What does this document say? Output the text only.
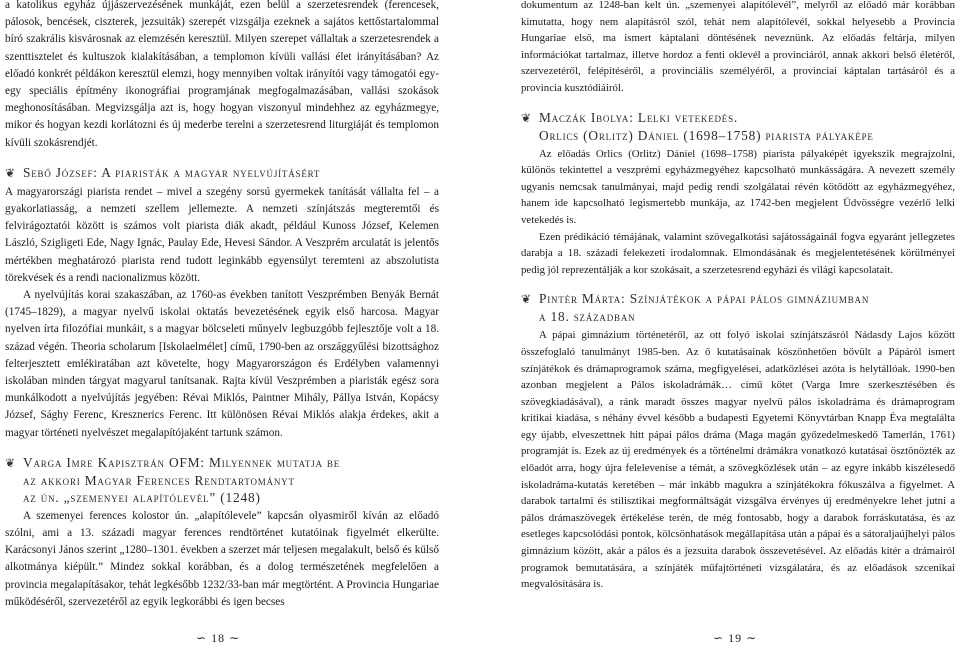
a katolikus egyház újjászervezésének munkáját, ezen belül a szerzetesrendek (ferencesek, pálosok, bencések, ciszterek, jezsuiták) szerepét vizsgálja ezeknek a sajátos kettőstartalommal bíró szakrális kisvárosnak az elemzésén keresztül. Milyen szerepet vállaltak a szerzetesrendek a szenttisztelet és kultuszok kialakításában, a templomon kívüli vallási élet irányításában? Az előadó konkrét példákon keresztül elemzi, hogy mennyiben voltak irányítói vagy támogatói egy-egy speciális építmény ikonográfiai programjának megfogalmazásában, vallási szokások meghonosításában. Megvizsgálja azt is, hogy hogyan viszonyul mindehhez az egyházmegye, mikor és hogyan kezdi korlátozni és új mederbe terelni a szerzetesrend liturgiáját és templomon kívüli szokásrendjét.

❦ Sebő József: A piaristák a magyar nyelvújításért

A magyarországi piarista rendet – mivel a szegény sorsú gyermekek tanítását vállalta fel – a gyakorlatiasság, a nemzeti szellem jellemezte. A nemzeti színjátszás megteremtői és felvirágoztatói között is számos volt piarista diák akadt, például Kunoss József, Kelemen László, Szigligeti Ede, Nagy Ignác, Paulay Ede, Hevesi Sándor. A Veszprém arculatát is jelentős mértékben meghatározó piarista rend tudott leginkább egyensúlyt teremteni az abszolutista törekvések és a rendi nacionalizmus között.

A nyelvújítás korai szakaszában, az 1760-as években tanított Veszprémben Benyák Bernát (1745–1829), a magyar nyelvű iskolai oktatás bevezetésének egyik első harcosa. Magyar nyelven írta filozófiai munkáit, s a magyar bölcseleti műnyelv legbuzgóbb fejlesztője volt a 18. század végén. Theoria scholarum [Iskolaelmélet] című, 1790-ben az országgyűlési bizottsághoz felterjesztett emlékiratában azt követelte, hogy Magyarországon és Erdélyben valamennyi iskolában minden tárgyat magyarul tanítsanak. Rajta kívül Veszprémben a piaristák egész sora munkálkodott a nyelvújítás jegyében: Révai Miklós, Paintner Mihály, Pállya István, Kopácsy József, Sághy Ferenc, Kresznerics Ferenc. Itt különösen Révai Miklós alakja érdekes, akit a magyar történeti nyelvészet megalapítójaként tartunk számon.

❦ Varga Imre Kapisztrán OFM: Milyennek mutatja be
az akkori Magyar Ferences Rendtartományt
az ún. „szemenyei alapítólevél” (1248)

A szemenyei ferences kolostor ún. „alapítólevele” kapcsán olyasmiről kíván az előadó szólni, ami a 13. századi magyar ferences rendtörténet kutatóinak figyelmét elkerülte. Karácsonyi János szerint „1280–1301. években a szerzet már teljesen megalakult, belső és külső alkotmánya kiépült.” Mindez sokkal korábban, és a dolog természetének megfelelően a provincia megalapításakor, tehát legkésőbb 1232/33-ban már megtörtént. A Provincia Hungariae működéséről, szervezetéről az egyik legkorábbi és igen becses

dokumentum az 1248-ban kelt ún. „szemenyei alapítólevél”, melyről az előadó már korábban kimutatta, hogy nem alapításról szól, tehát nem alapítólevél, sokkal helyesebb a Provincia Hungariae első, ma ismert káptalani döntésének neveznünk. Az előadás feltárja, milyen információkat tartalmaz, illetve hordoz a fenti oklevél a provinciáról, annak akkori belső életéről, szervezetéről, felépítéséről, a provinciális személyéről, a provinciai káptalan tartásáról és a provincia kusztódiáiról.

❦ Maczák Ibolya: Lelki vetekedés.
Orlics (Orlitz) Dániel (1698–1758) piarista pályaképe

Az előadás Orlics (Orlitz) Dániel (1698–1758) piarista pályaképét igyekszik megrajzolni, különös tekintettel a veszprémi egyházmegyéhez kapcsolható munkásságára. A nevezett személy ugyanis nemcsak tanulmányai, majd pedig rendi szolgálatai révén kötődött az egyházmegyéhez, hanem ide kapcsolható legismertebb munkája, az 1742-ben megjelent Üdvösségre vezérlő lelki vetekedés is.

Ezen prédikáció témájának, valamint szövegalkotási sajátosságainál fogva egyaránt jellegzetes darabja a 18. századi felekezeti irodalomnak. Elmondásának és megjelentetésének körülményei pedig jól reprezentálják a kor szokásait, a szerzetesrend egyházi és világi kapcsolatait.

❦ Pintér Márta: Színjátékok a pápai pálos gimnáziumban
a 18. században

A pápai gimnázium történetéről, az ott folyó iskolai színjátszásról Nádasdy Lajos között összefoglaló tanulmányt 1985-ben. Az ő kutatásainak köszönhetően bővült a Pápáról ismert színjátékok és drámaprogramok száma, megfigyelései, adatközlései azóta is helytállóak. 1990-ben azonban megjelent a Pálos iskoladrámák… című kötet (Varga Imre szerkesztésében és szövegkiadásával), a ránk maradt összes magyar nyelvű pálos iskoladráma és drámaprogram kritikai kiadása, s néhány évvel később a budapesti Egyetemi Könyvtárban Knapp Éva megtalálta egy újabb, elveszettnek hitt pápai pálos dráma (Maga magán győzedelmeskedő Tamerlán, 1761) programját is. Ezek az új eredmények és a történelmi drámákra vonatkozó kutatásai ösztönözték az előadót arra, hogy újra feleleveníse a témát, a szövegközlések után – az egyre inkább kiszélesedő iskoladráma-kutatás keretében – már inkább magukra a színjátékokra fókuszálva a figyelmet. A darabok tartalmi és stilisztikai megformáltságát vizsgálva érvényes új eredményekre lehet jutni a pálos drámaszövegek értékelése terén, de még fontosabb, hogy a darabok forráskutatása, és az esetleges kapcsolódási pontok, kölcsönhatások megállapítása után a pápai és a sátoraljaújhelyi pálos gimnázium között, akár a pálos és a jezsuita darabok összevetésével. Az előadás kitér a drámairól programok bemutatására, a színjáték műfajtörténeti vizsgálatára, és az előadások szcenikai megvalósítására is.

∽ 18 ∼	∽ 19 ∼
